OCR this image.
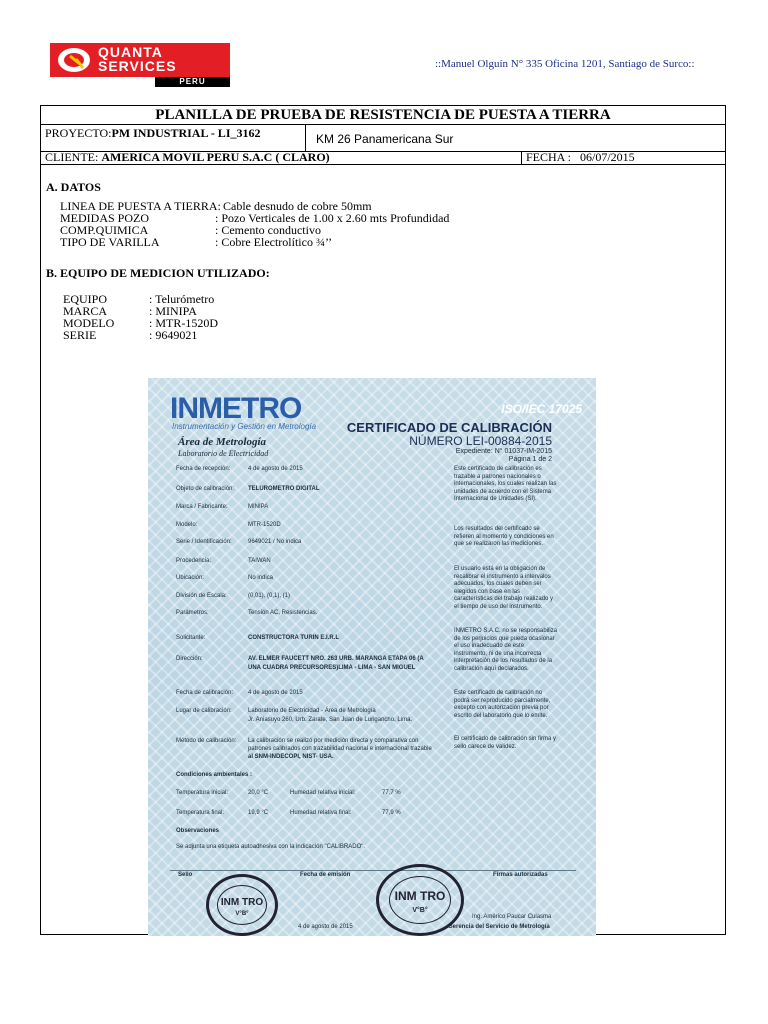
QUANTA
SERVICES
PERU
::Manuel Olguín N° 335 Oficina 1201, Santiago de Surco::
PLANILLA DE PRUEBA DE RESISTENCIA DE PUESTA A TIERRA
PROYECTO:PM INDUSTRIAL - LI_3162	KM 26 Panamericana Sur
CLIENTE: AMERICA MOVIL PERU S.A.C ( CLARO)	FECHA : 06/07/2015
A. DATOS
LINEA DE PUESTA A TIERRA: Cable desnudo de cobre 50mm
MEDIDAS POZO	: Pozo Verticales de 1.00 x 2.60 mts Profundidad
COMP.QUIMICA	: Cemento conductivo
TIPO DE VARILLA	: Cobre Electrolítico ¾’’
B. EQUIPO DE MEDICION UTILIZADO:
EQUIPO	: Telurómetro
MARCA	: MINIPA
MODELO	: MTR-1520D
SERIE	: 9649021
INMETRO
Instrumentación y Gestión en Metrología
ISO/IEC 17025
Área de Metrología
Laboratorio de Electricidad
CERTIFICADO DE CALIBRACIÓN
NÚMERO LEI-00884-2015
Expediente: N° 01037-IM-2015
Página 1 de 2
Fecha de recepción:	4 de agosto de 2015
Objeto de calibración: TELUROMETRO DIGITAL
Marca / Fabricante:	MINIPA
Modelo:	MTR-1520D
Serie / Identificación:	9649021 / No indica
Procedencia:	TAIWAN
Ubicación:	No indica
División de Escala:	(0,01), (0,1), (1)
Parámetros:	Tensión AC, Resistencias.
Solicitante:	CONSTRUCTORA TURIN E.I.R.L
Dirección:	AV. ELMER FAUCETT NRO. 263 URB. MARANGA ETAPA 06 (A
UNA CUADRA PRECURSORES)LIMA - LIMA - SAN MIGUEL
Fecha de calibración: 4 de agosto de 2015
Lugar de calibración:	Laboratorio de Electricidad - Área de Metrología
Jr. Aniasuyo 260, Urb. Zarate, San Juan de Lurigancho, Lima.
Método de calibración: La calibración se realizó por medición directa y comparativa con
patrones calibrados con trazabilidad nacional e internacional trazable
al SNM-INDECOPI, NIST- USA.
Este certificado de calibración es trazable a patrones nacionales o internacionales, los cuales realizan las unidades de acuerdo con el Sistema Internacional de Unidades (SI).
Los resultados del certificado se refieren al momento y condiciones en que se realizaron las mediciones.
El usuario está en la obligación de recalibrar el instrumento a intervalos adecuados, los cuales deben ser elegidos con base en las características del trabajo realizado y el tiempo de uso del instrumento.
INMETRO S.A.C. no se responsabiliza de los perjuicios que pueda ocasionar el uso inadecuado de este instrumento, ni de una incorrecta interpretación de los resultados de la calibración aquí declarados.
Este certificado de calibración no podrá ser reproducido parcialmente, excepto con autorización previa por escrito del laboratorio que lo emite.
El certificado de calibración sin firma y sello carece de validez.
Condiciones ambientales :
Temperatura inicial:	20,0 °C	Humedad relativa inicial:	77,7 %
Temperatura final:	19,9 °C	Humedad relativa final:	77,9 %
Observaciones
Se adjunta una etiqueta autoadhesiva con la indicación "CALIBRADO".
Sello	Fecha de emisión	Firmas autorizadas
INM TRO
V°B°
INM TRO
V°B°
4 de agosto de 2015
Ing. Américo Paucar Culasma
Gerencia del Servicio de Metrología
